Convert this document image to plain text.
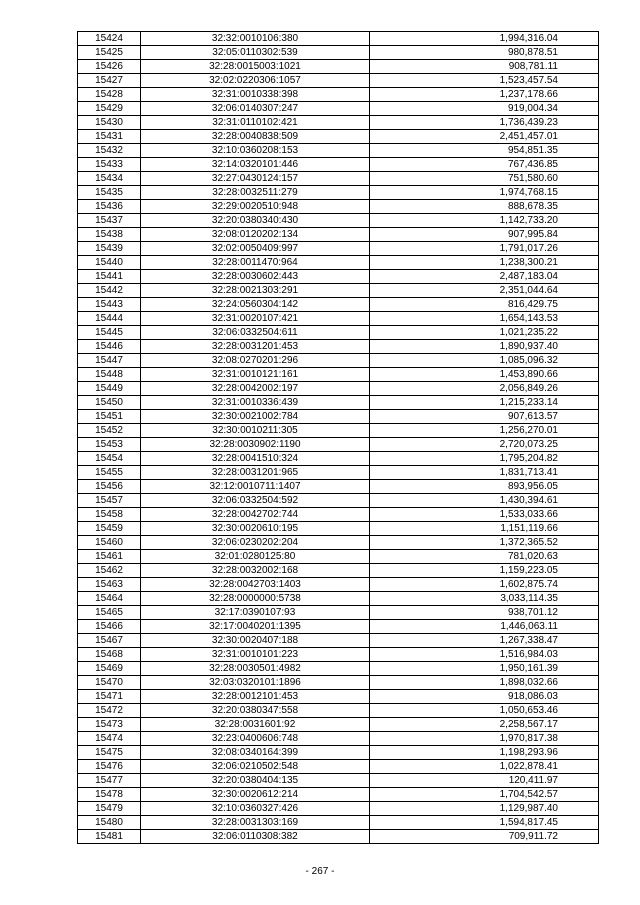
15424	32:32:0010106:380	1,994,316.04
15425	32:05:0110302:539	980,878.51
15426	32:28:0015003:1021	908,781.11
15427	32:02:0220306:1057	1,523,457.54
15428	32:31:0010338:398	1,237,178.66
15429	32:06:0140307:247	919,004.34
15430	32:31:0110102:421	1,736,439.23
15431	32:28:0040838:509	2,451,457.01
15432	32:10:0360208:153	954,851.35
15433	32:14:0320101:446	767,436.85
15434	32:27:0430124:157	751,580.60
15435	32:28:0032511:279	1,974,768.15
15436	32:29:0020510:948	888,678.35
15437	32:20:0380340:430	1,142,733.20
15438	32:08:0120202:134	907,995.84
15439	32:02:0050409:997	1,791,017.26
15440	32:28:0011470:964	1,238,300.21
15441	32:28:0030602:443	2,487,183.04
15442	32:28:0021303:291	2,351,044.64
15443	32:24:0560304:142	816,429.75
15444	32:31:0020107:421	1,654,143.53
15445	32:06:0332504:611	1,021,235.22
15446	32:28:0031201:453	1,890,937.40
15447	32:08:0270201:296	1,085,096.32
15448	32:31:0010121:161	1,453,890.66
15449	32:28:0042002:197	2,056,849.26
15450	32:31:0010336:439	1,215,233.14
15451	32:30:0021002:784	907,613.57
15452	32:30:0010211:305	1,256,270.01
15453	32:28:0030902:1190	2,720,073.25
15454	32:28:0041510:324	1,795,204.82
15455	32:28:0031201:965	1,831,713.41
15456	32:12:0010711:1407	893,956.05
15457	32:06:0332504:592	1,430,394.61
15458	32:28:0042702:744	1,533,033.66
15459	32:30:0020610:195	1,151,119.66
15460	32:06:0230202:204	1,372,365.52
15461	32:01:0280125:80	781,020.63
15462	32:28:0032002:168	1,159,223.05
15463	32:28:0042703:1403	1,602,875.74
15464	32:28:0000000:5738	3,033,114.35
15465	32:17:0390107:93	938,701.12
15466	32:17:0040201:1395	1,446,063.11
15467	32:30:0020407:188	1,267,338.47
15468	32:31:0010101:223	1,516,984.03
15469	32:28:0030501:4982	1,950,161.39
15470	32:03:0320101:1896	1,898,032.66
15471	32:28:0012101:453	918,086.03
15472	32:20:0380347:558	1,050,653.46
15473	32:28:0031601:92	2,258,567.17
15474	32:23:0400606:748	1,970,817.38
15475	32:08:0340164:399	1,198,293.96
15476	32:06:0210502:548	1,022,878.41
15477	32:20:0380404:135	120,411.97
15478	32:30:0020612:214	1,704,542.57
15479	32:10:0360327:426	1,129,987.40
15480	32:28:0031303:169	1,594,817.45
15481	32:06:0110308:382	709,911.72
- 267 -
